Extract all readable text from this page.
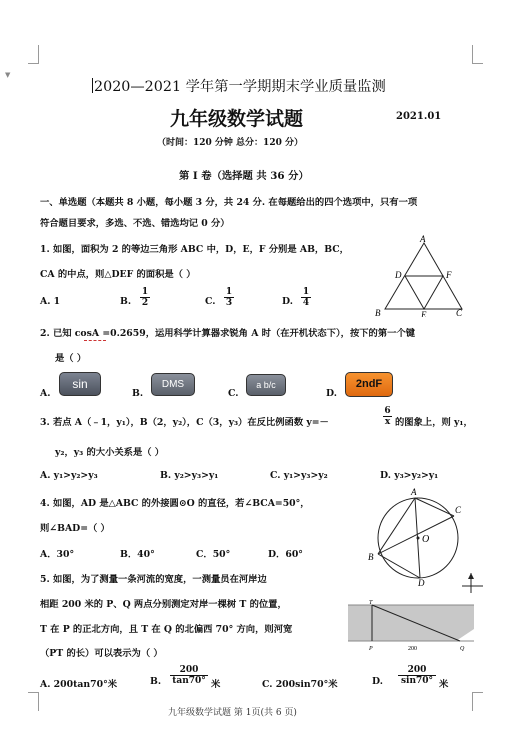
▼
2020—2021 学年第一学期期末学业质量监测
九年级数学试题	2021.01
（时间：120 分钟 总分：120 分）
第 I 卷（选择题 共 36 分）
一、单选题（本题共 8 小题，每小题 3 分，共 24 分. 在每题给出的四个选项中，只有一项
符合题目要求，多选、不选、错选均记 0 分）
1. 如图，面积为 2 的等边三角形 ABC 中，D，E，F 分别是 AB，BC，
CA 的中点，则△DEF 的面积是（ ）
A. 1	B.
1
2	C.
1
3	D.
1
4
A
D	F
B	E	C
2. 已知 cosA =0.2659，运用科学计算器求锐角 A 时（在开机状态下），按下的第一个键
是（ ）
A.
sin
B.
DMS
C.
a b/c
D.
2ndF
3. 若点 A（﹣1，y₁），B（2，y₂），C（3，y₃）在反比例函数 y=－
6
x 的图象上，则 y₁，
y₂，y₃ 的大小关系是（ ）
A. y₁>y₂>y₃	B. y₂>y₃>y₁	C. y₁>y₃>y₂	D. y₃>y₂>y₁
4. 如图，AD 是△ABC 的外接圆⊙O 的直径，若∠BCA=50°，
则∠BAD=（ ）
A．30°	B．40°	C．50°	D．60°
A
C
O
B
D
5. 如图，为了测量一条河流的宽度，一测量员在河岸边
相距 200 米的 P、Q 两点分别测定对岸一棵树 T 的位置，
T 在 P 的正北方向，且 T 在 Q 的北偏西 70° 方向，则河宽
（PT 的长）可以表示为（ ）
T
P	200	Q
A. 200tan70°米	B.
200
tan70° 米	C. 200sin70°米	D.
200
sin70° 米
九年级数学试题 第 1页(共 6 页)
